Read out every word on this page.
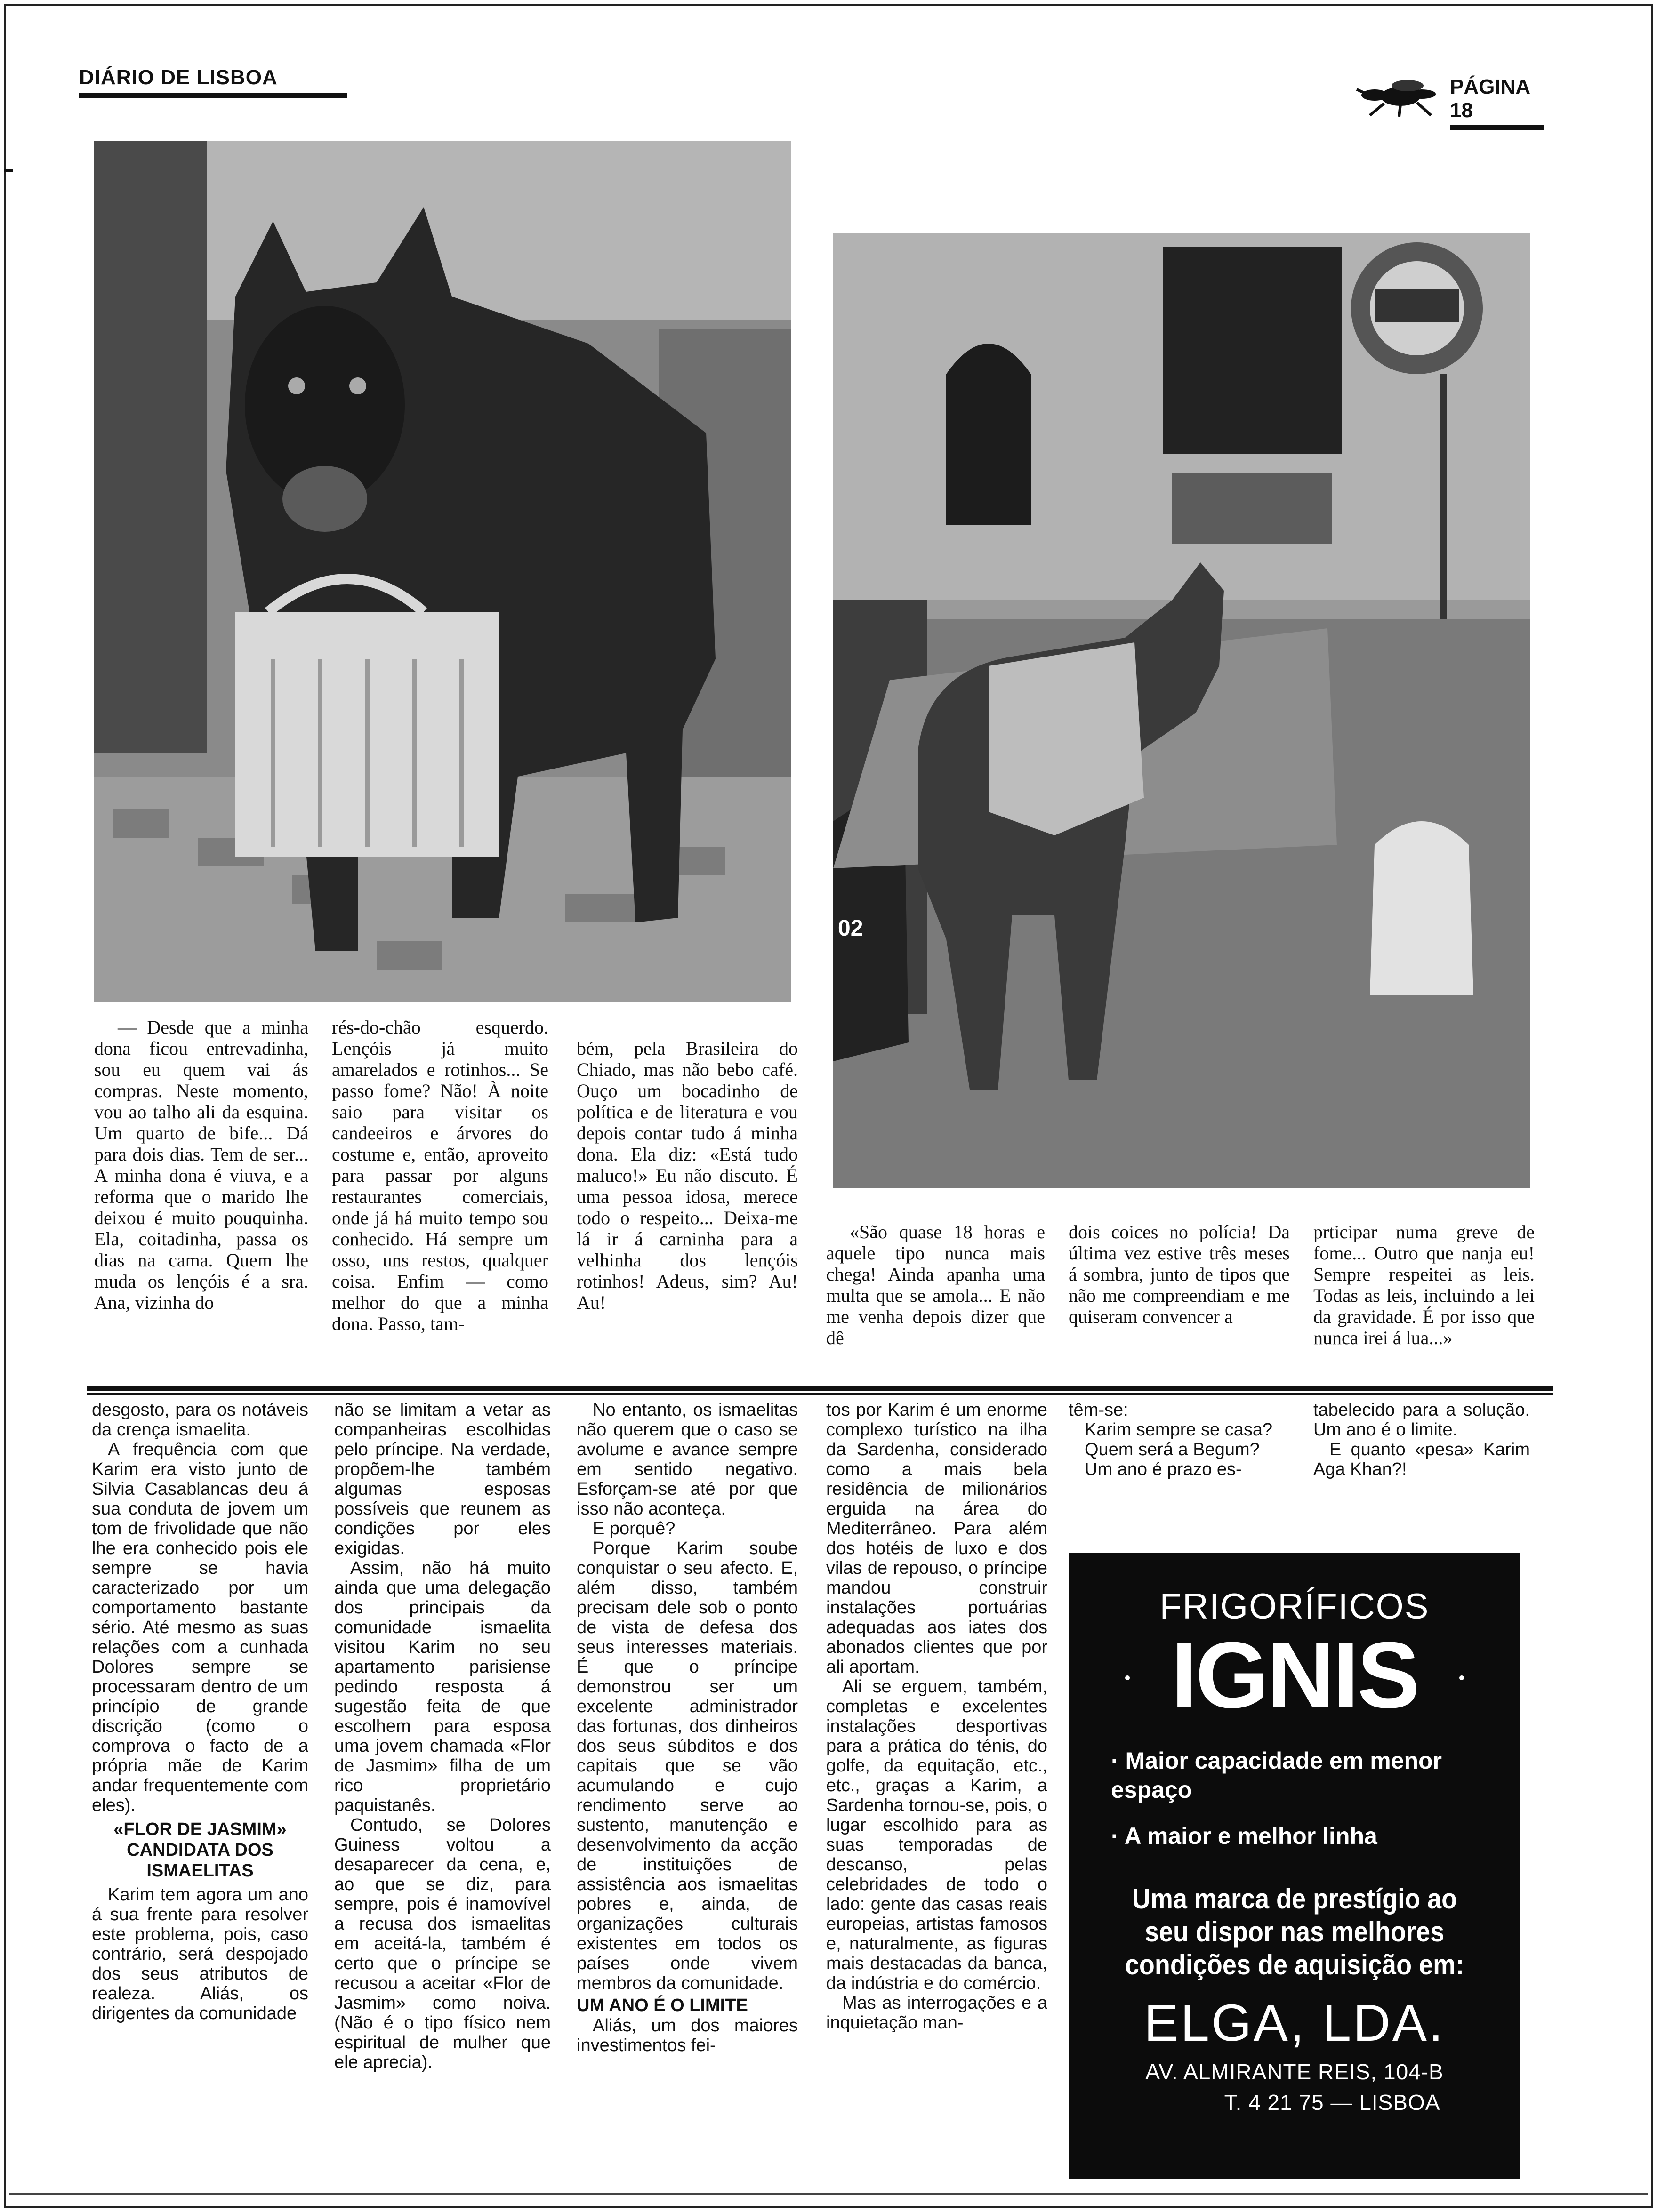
DIÁRIO DE LISBOA	PÁGINA 18
02

— Desde que a minha dona ficou entrevadinha, sou eu quem vai ás compras. Neste momento, vou ao talho ali da esquina. Um quarto de bife... Dá para dois dias. Tem de ser... A minha dona é viuva, e a reforma que o marido lhe deixou é muito pouquinha. Ela, coitadinha, passa os dias na cama. Quem lhe muda os lençóis é a sra. Ana, vizinha do

rés-do-chão esquerdo. Lençóis já muito amarelados e rotinhos... Se passo fome? Não! À noite saio para visitar os candeeiros e árvores do costume e, então, aproveito para passar por alguns restaurantes comerciais, onde já há muito tempo sou conhecido. Há sempre um osso, uns restos, qualquer coisa. Enfim — como melhor do que a minha dona. Passo, tam-

bém, pela Brasileira do Chiado, mas não bebo café. Ouço um bocadinho de política e de literatura e vou depois contar tudo á minha dona. Ela diz: «Está tudo maluco!» Eu não discuto. É uma pessoa idosa, merece todo o respeito... Deixa-me lá ir á carninha para a velhinha dos lençóis rotinhos! Adeus, sim? Au! Au!

«São quase 18 horas e aquele tipo nunca mais chega! Ainda apanha uma multa que se amola... E não me venha depois dizer que dê

dois coices no polícia! Da última vez estive três meses á sombra, junto de tipos que não me compreendiam e me quiseram convencer a

prticipar numa greve de fome... Outro que nanja eu! Sempre respeitei as leis. Todas as leis, incluindo a lei da gravidade. É por isso que nunca irei á lua...»

desgosto, para os notáveis da crença ismaelita.

A frequência com que Karim era visto junto de Silvia Casablancas deu á sua conduta de jovem um tom de frivolidade que não lhe era conhecido pois ele sempre se havia caracterizado por um comportamento bastante sério. Até mesmo as suas relações com a cunhada Dolores sempre se processaram dentro de um princípio de grande discrição (como o comprova o facto de a própria mãe de Karim andar frequentemente com eles).

«FLOR DE JASMIM» CANDIDATA DOS ISMAELITAS

Karim tem agora um ano á sua frente para resolver este problema, pois, caso contrário, será despojado dos seus atributos de realeza. Aliás, os dirigentes da comunidade

não se limitam a vetar as companheiras escolhidas pelo príncipe. Na verdade, propõem-lhe também algumas esposas possíveis que reunem as condições por eles exigidas.

Assim, não há muito ainda que uma delegação dos principais da comunidade ismaelita visitou Karim no seu apartamento parisiense pedindo resposta á sugestão feita de que escolhem para esposa uma jovem chamada «Flor de Jasmim» filha de um rico proprietário paquistanês.

Contudo, se Dolores Guiness voltou a desaparecer da cena, e, ao que se diz, para sempre, pois é inamovível a recusa dos ismaelitas em aceitá-la, também é certo que o príncipe se recusou a aceitar «Flor de Jasmim» como noiva. (Não é o tipo físico nem espiritual de mulher que ele aprecia).

No entanto, os ismaelitas não querem que o caso se avolume e avance sempre em sentido negativo. Esforçam-se até por que isso não aconteça.

E porquê?

Porque Karim soube conquistar o seu afecto. E, além disso, também precisam dele sob o ponto de vista de defesa dos seus interesses materiais. É que o príncipe demonstrou ser um excelente administrador das fortunas, dos dinheiros dos seus súbditos e dos capitais que se vão acumulando e cujo rendimento serve ao sustento, manutenção e desenvolvimento da acção de instituições de assistência aos ismaelitas pobres e, ainda, de organizações culturais existentes em todos os países onde vivem membros da comunidade.

UM ANO É O LIMITE

Aliás, um dos maiores investimentos fei-

tos por Karim é um enorme complexo turístico na ilha da Sardenha, considerado como a mais bela residência de milionários erguida na área do Mediterrâneo. Para além dos hotéis de luxo e dos vilas de repouso, o príncipe mandou construir instalações portuárias adequadas aos iates dos abonados clientes que por ali aportam.

Ali se erguem, também, completas e excelentes instalações desportivas para a prática do ténis, do golfe, da equitação, etc., etc., graças a Karim, a Sardenha tornou-se, pois, o lugar escolhido para as suas temporadas de descanso, pelas celebridades de todo o lado: gente das casas reais europeias, artistas famosos e, naturalmente, as figuras mais destacadas da banca, da indústria e do comércio.

Mas as interrogações e a inquietação man-

têm-se:

Karim sempre se casa?

Quem será a Begum?

Um ano é prazo es-

tabelecido para a solução. Um ano é o limite.

E quanto «pesa» Karim Aga Khan?!

FRIGORÍFICOS
IGNIS
· Maior capacidade em menor espaço
· A maior e melhor linha
Uma marca de prestígio ao seu dispor nas melhores condições de aquisição em:
ELGA, LDA.
AV. ALMIRANTE REIS, 104-B
T. 4 21 75 — LISBOA
